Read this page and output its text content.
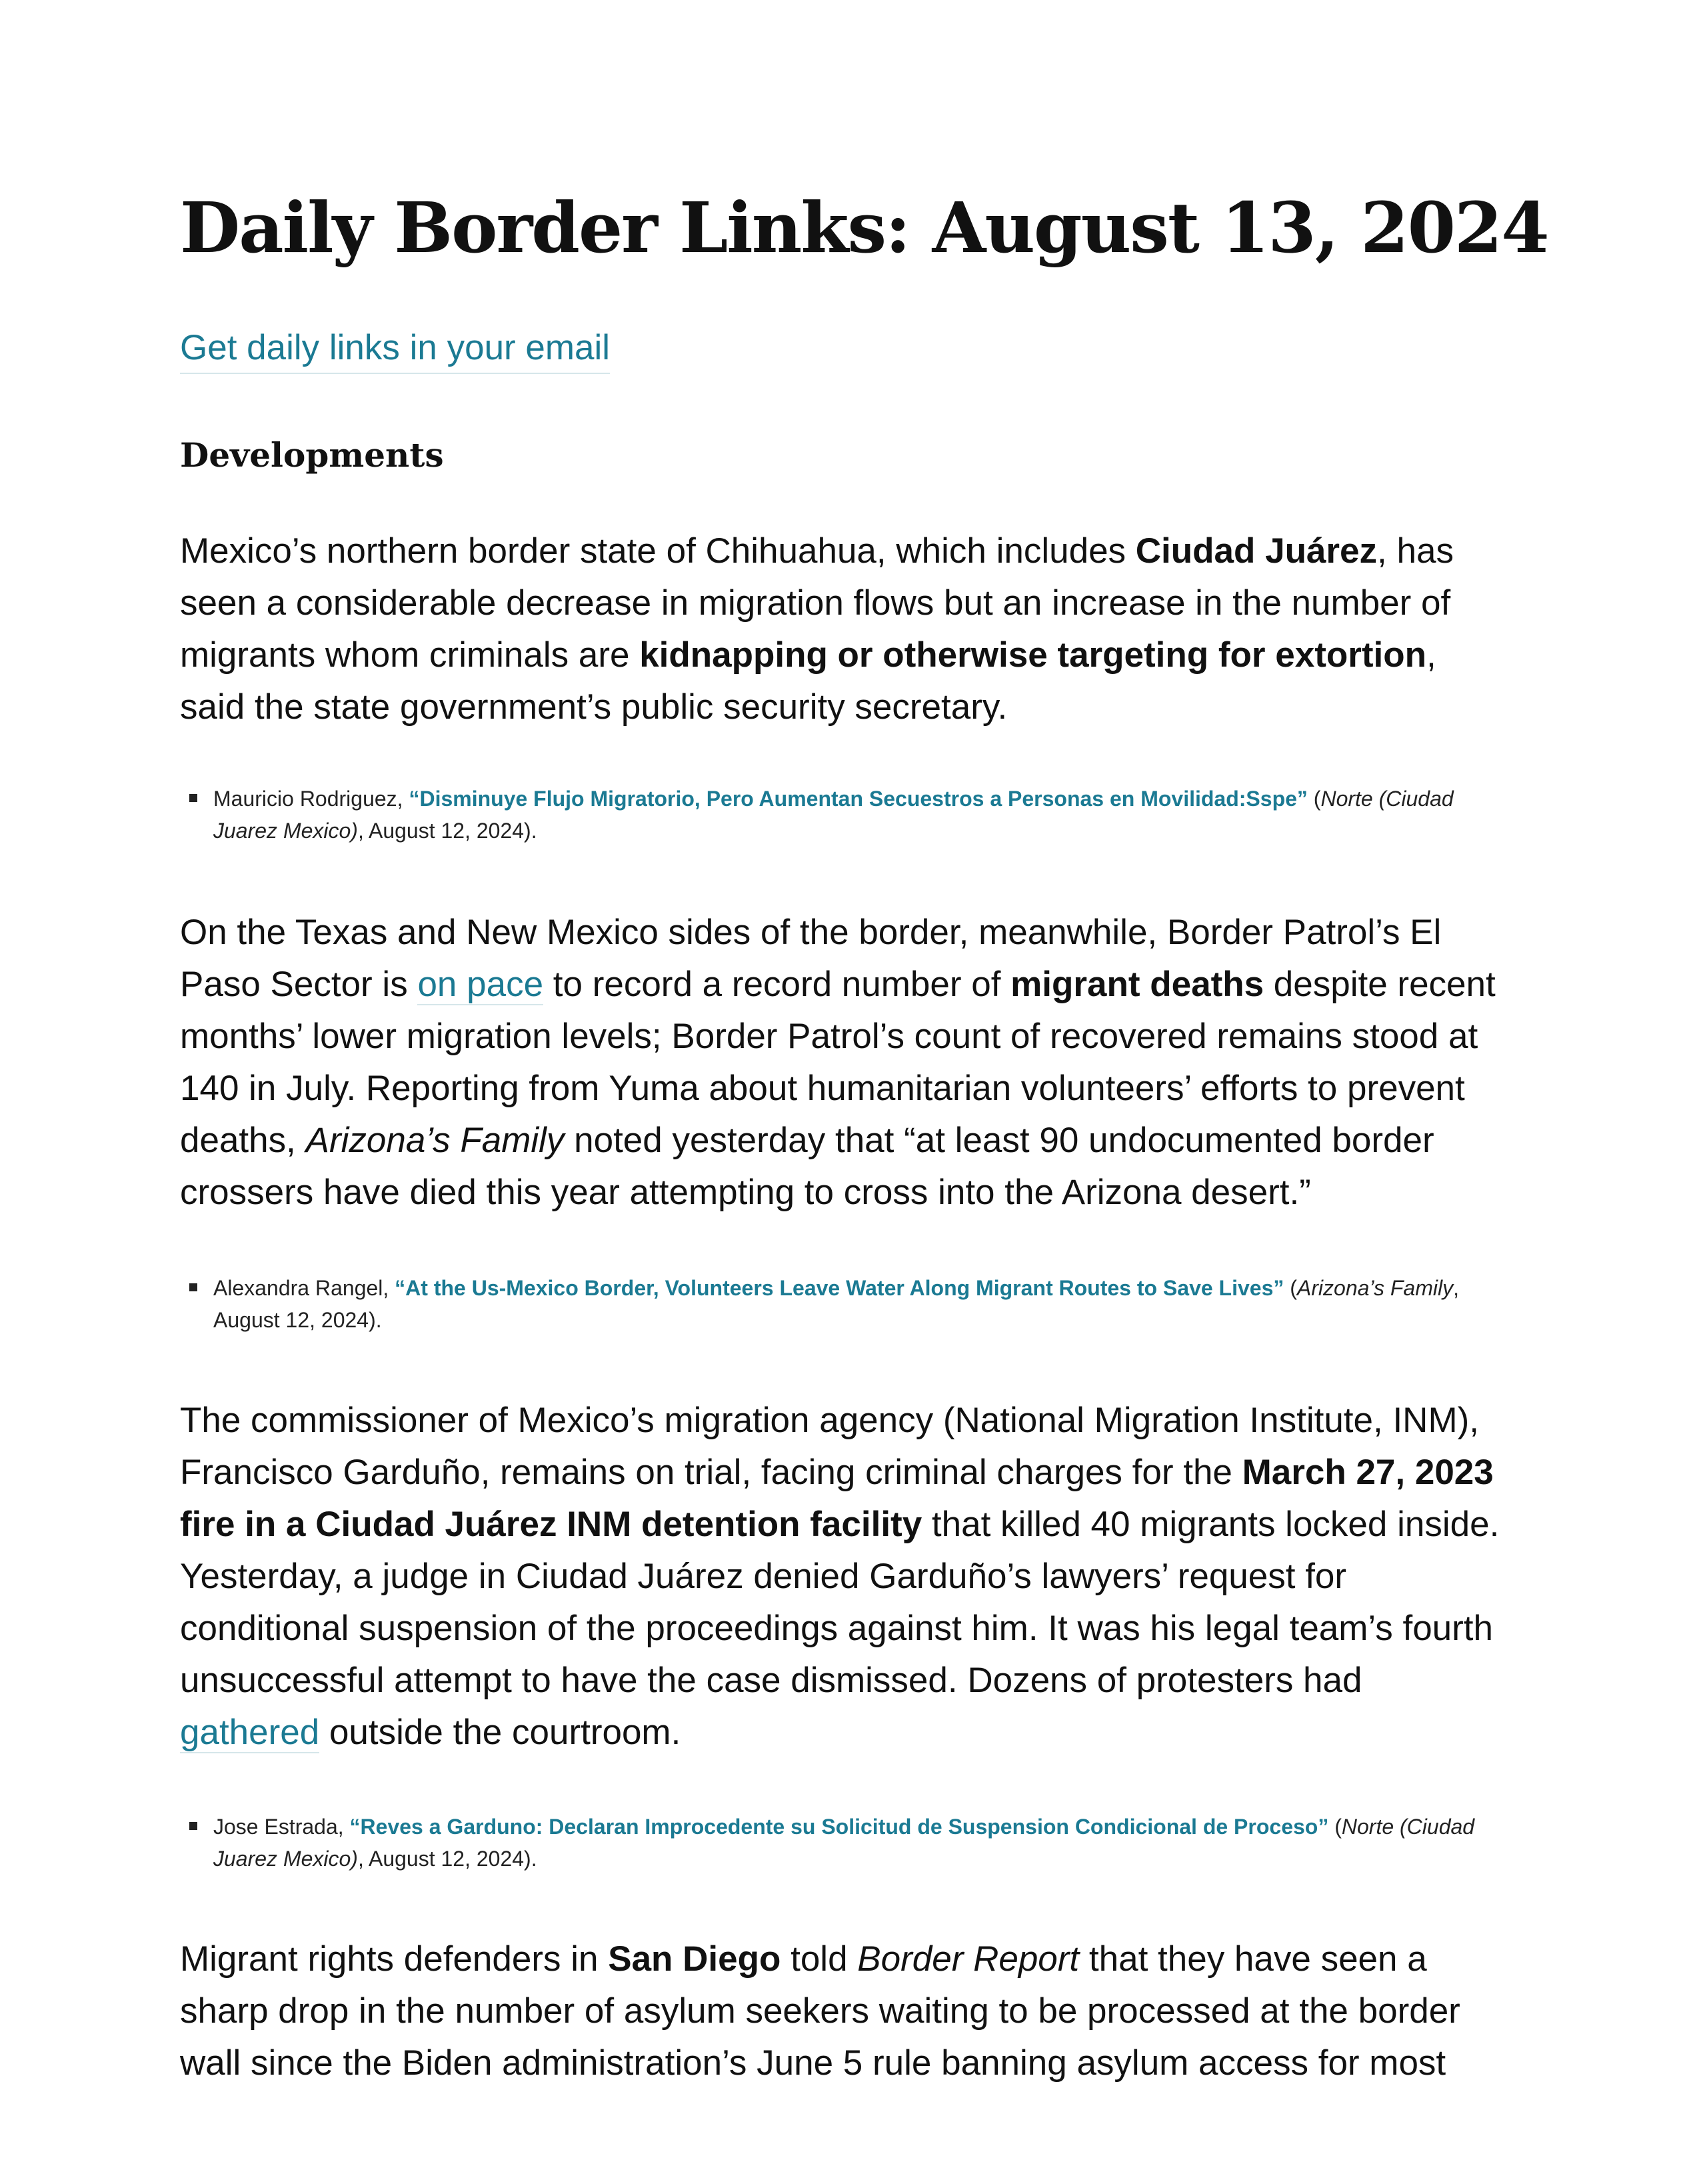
Daily Border Links: August 13, 2024
Get daily links in your email
Developments

Mexico’s northern border state of Chihuahua, which includes Ciudad Juárez, has seen a considerable decrease in migration flows but an increase in the number of migrants whom criminals are kidnapping or otherwise targeting for extortion, said the state government’s public security secretary.

Mauricio Rodriguez, “Disminuye Flujo Migratorio, Pero Aumentan Secuestros a Personas en Movilidad:Sspe” (Norte (Ciudad Juarez Mexico), August 12, 2024).

On the Texas and New Mexico sides of the border, meanwhile, Border Patrol’s El Paso Sector is on pace to record a record number of migrant deaths despite recent months’ lower migration levels; Border Patrol’s count of recovered remains stood at 140 in July. Reporting from Yuma about humanitarian volunteers’ efforts to prevent deaths, Arizona’s Family noted yesterday that “at least 90 undocumented border crossers have died this year attempting to cross into the Arizona desert.”

Alexandra Rangel, “At the Us-Mexico Border, Volunteers Leave Water Along Migrant Routes to Save Lives” (Arizona’s Family, August 12, 2024).

The commissioner of Mexico’s migration agency (National Migration Institute, INM), Francisco Garduño, remains on trial, facing criminal charges for the March 27, 2023 fire in a Ciudad Juárez INM detention facility that killed 40 migrants locked inside. Yesterday, a judge in Ciudad Juárez denied Garduño’s lawyers’ request for conditional suspension of the proceedings against him. It was his legal team’s fourth unsuccessful attempt to have the case dismissed. Dozens of protesters had gathered outside the courtroom.

Jose Estrada, “Reves a Garduno: Declaran Improcedente su Solicitud de Suspension Condicional de Proceso” (Norte (Ciudad Juarez Mexico), August 12, 2024).

Migrant rights defenders in San Diego told Border Report that they have seen a sharp drop in the number of asylum seekers waiting to be processed at the border wall since the Biden administration’s June 5 rule banning asylum access for most
